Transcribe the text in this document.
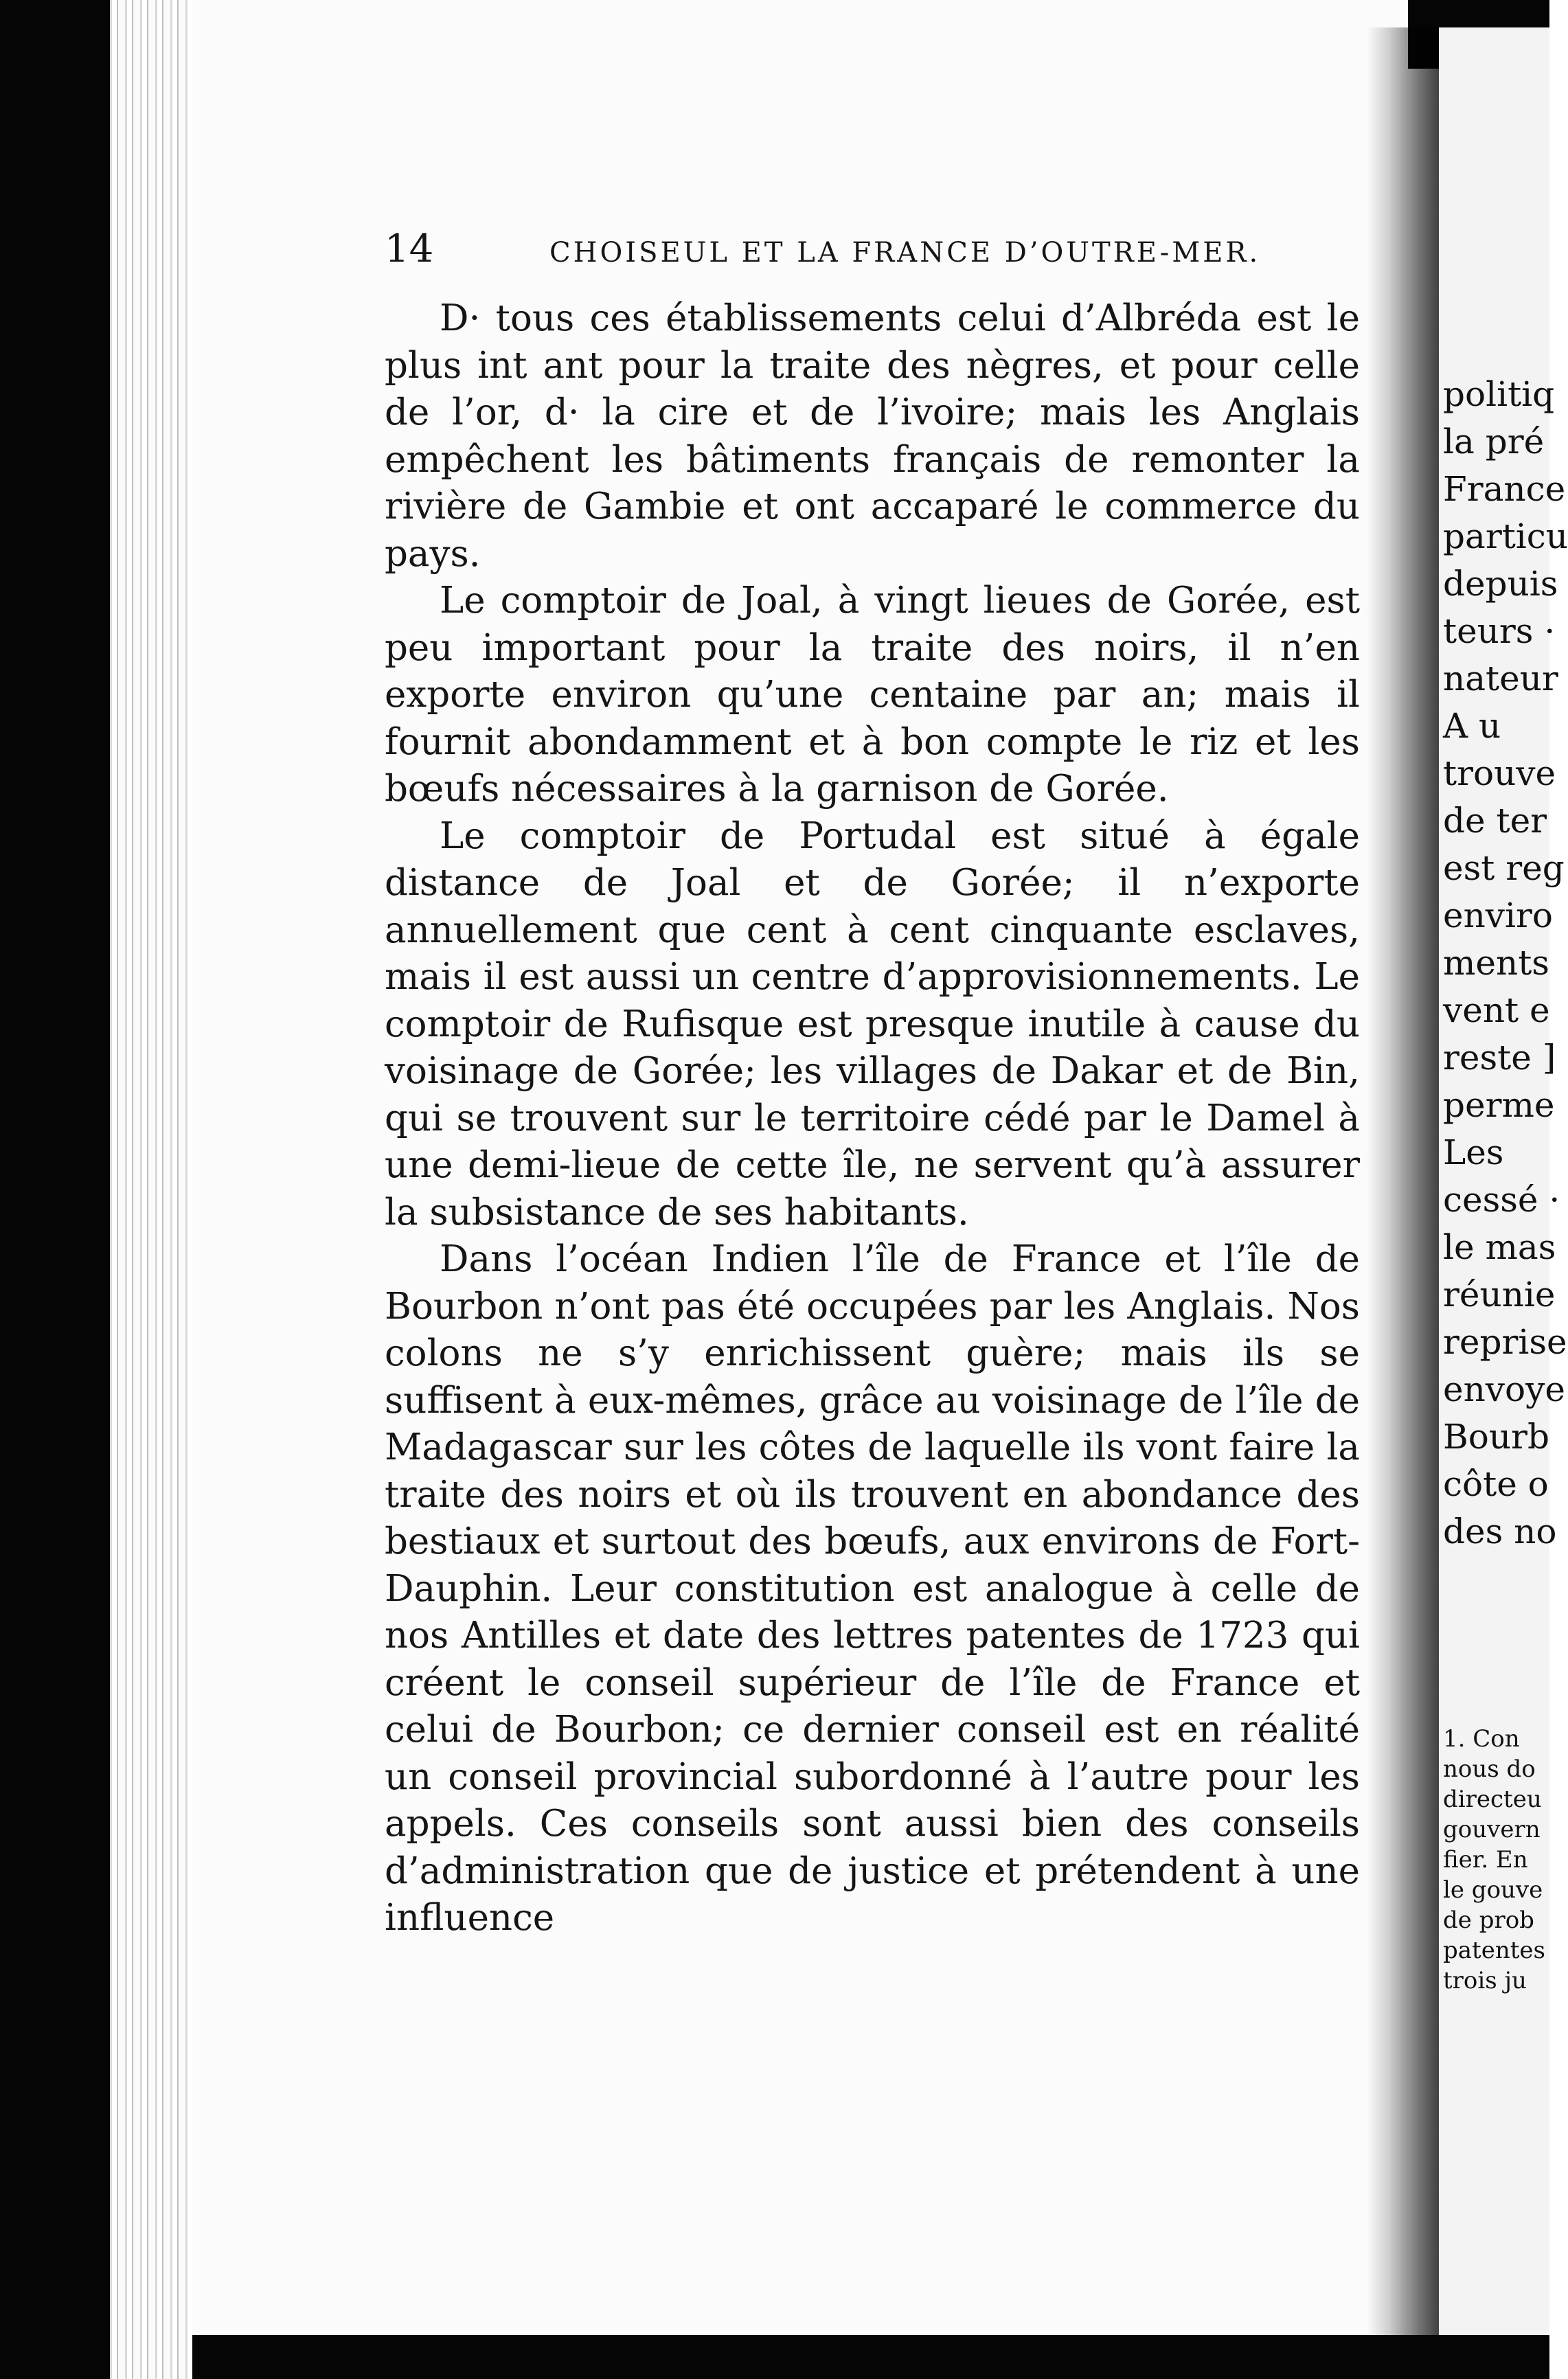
politiq
la pré
France
particu
depuis
teurs ·
nateur
A u
trouve
de ter
est reg
enviro
ments
vent e
reste ]
perme
Les
cessé ·
le mas
réunie
reprise
envoye
Bourb
côte o
des no
1. Con
nous do
directeu
gouvern
fier. En
le gouve
de prob
patentes
trois ju
14	CHOISEUL ET LA FRANCE D’OUTRE-MER.

D· tous ces établissements celui d’Albréda est le plus int ant pour la traite des nègres, et pour celle de l’or, d· la cire et de l’ivoire; mais les Anglais empêchent les bâtiments français de remonter la rivière de Gambie et ont accaparé le commerce du pays.

Le comptoir de Joal, à vingt lieues de Gorée, est peu important pour la traite des noirs, il n’en exporte environ qu’une centaine par an; mais il fournit abondamment et à bon compte le riz et les bœufs nécessaires à la garnison de Gorée.

Le comptoir de Portudal est situé à égale distance de Joal et de Gorée; il n’exporte annuellement que cent à cent cinquante esclaves, mais il est aussi un centre d’approvisionnements. Le comptoir de Rufisque est presque inutile à cause du voisinage de Gorée; les villages de Dakar et de Bin, qui se trouvent sur le territoire cédé par le Damel à une demi-lieue de cette île, ne servent qu’à assurer la subsistance de ses habitants.

Dans l’océan Indien l’île de France et l’île de Bourbon n’ont pas été occupées par les Anglais. Nos colons ne s’y enrichissent guère; mais ils se suffisent à eux-mêmes, grâce au voisinage de l’île de Madagascar sur les côtes de laquelle ils vont faire la traite des noirs et où ils trouvent en abondance des bestiaux et surtout des bœufs, aux environs de Fort-Dauphin. Leur constitution est analogue à celle de nos Antilles et date des lettres patentes de 1723 qui créent le conseil supérieur de l’île de France et celui de Bourbon; ce dernier conseil est en réalité un conseil provincial subordonné à l’autre pour les appels. Ces conseils sont aussi bien des conseils d’administration que de justice et prétendent à une influence
